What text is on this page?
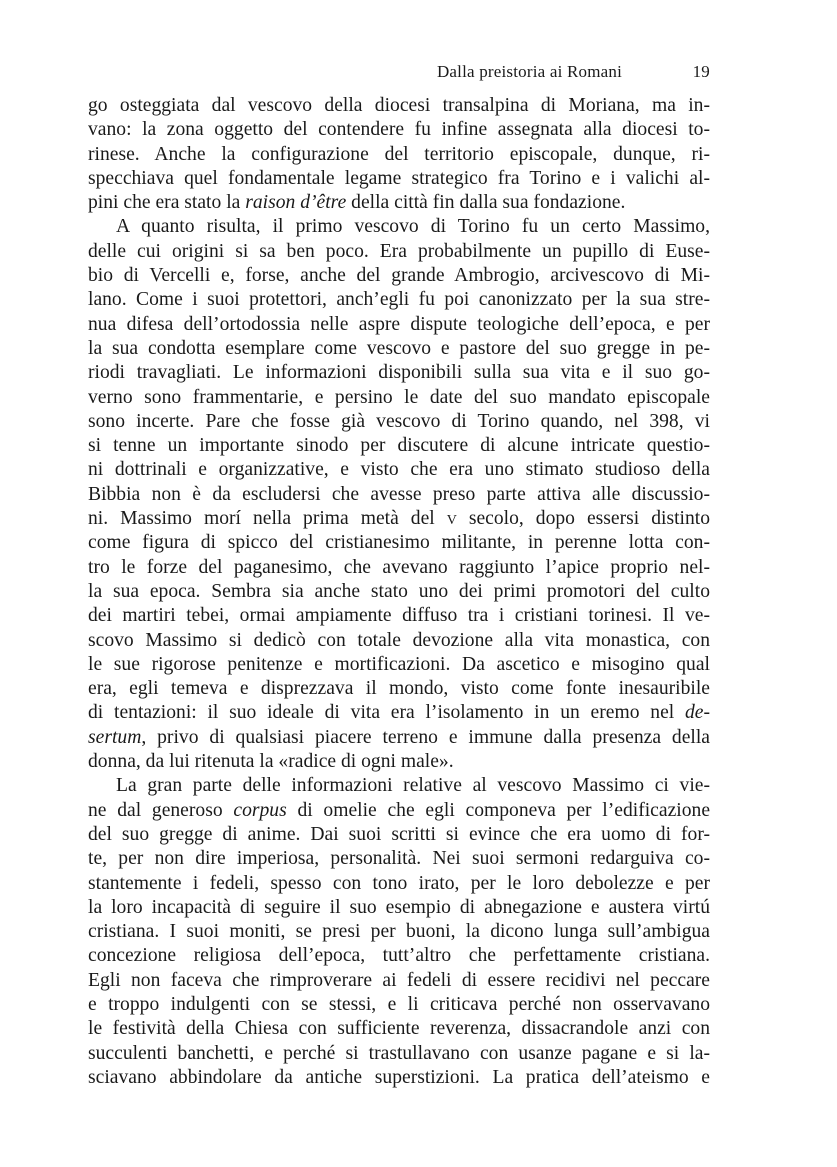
Dalla preistoria ai Romani	19
go osteggiata dal vescovo della diocesi transalpina di Moriana, ma in-
vano: la zona oggetto del contendere fu infine assegnata alla diocesi to-
rinese. Anche la configurazione del territorio episcopale, dunque, ri-
specchiava quel fondamentale legame strategico fra Torino e i valichi al-
pini che era stato la raison d’être della città fin dalla sua fondazione.
A quanto risulta, il primo vescovo di Torino fu un certo Massimo,
delle cui origini si sa ben poco. Era probabilmente un pupillo di Euse-
bio di Vercelli e, forse, anche del grande Ambrogio, arcivescovo di Mi-
lano. Come i suoi protettori, anch’egli fu poi canonizzato per la sua stre-
nua difesa dell’ortodossia nelle aspre dispute teologiche dell’epoca, e per
la sua condotta esemplare come vescovo e pastore del suo gregge in pe-
riodi travagliati. Le informazioni disponibili sulla sua vita e il suo go-
verno sono frammentarie, e persino le date del suo mandato episcopale
sono incerte. Pare che fosse già vescovo di Torino quando, nel 398, vi
si tenne un importante sinodo per discutere di alcune intricate questio-
ni dottrinali e organizzative, e visto che era uno stimato studioso della
Bibbia non è da escludersi che avesse preso parte attiva alle discussio-
ni. Massimo morí nella prima metà del v secolo, dopo essersi distinto
come figura di spicco del cristianesimo militante, in perenne lotta con-
tro le forze del paganesimo, che avevano raggiunto l’apice proprio nel-
la sua epoca. Sembra sia anche stato uno dei primi promotori del culto
dei martiri tebei, ormai ampiamente diffuso tra i cristiani torinesi. Il ve-
scovo Massimo si dedicò con totale devozione alla vita monastica, con
le sue rigorose penitenze e mortificazioni. Da ascetico e misogino qual
era, egli temeva e disprezzava il mondo, visto come fonte inesauribile
di tentazioni: il suo ideale di vita era l’isolamento in un eremo nel de-
sertum, privo di qualsiasi piacere terreno e immune dalla presenza della
donna, da lui ritenuta la «radice di ogni male».
La gran parte delle informazioni relative al vescovo Massimo ci vie-
ne dal generoso corpus di omelie che egli componeva per l’edificazione
del suo gregge di anime. Dai suoi scritti si evince che era uomo di for-
te, per non dire imperiosa, personalità. Nei suoi sermoni redarguiva co-
stantemente i fedeli, spesso con tono irato, per le loro debolezze e per
la loro incapacità di seguire il suo esempio di abnegazione e austera virtú
cristiana. I suoi moniti, se presi per buoni, la dicono lunga sull’ambigua
concezione religiosa dell’epoca, tutt’altro che perfettamente cristiana.
Egli non faceva che rimproverare ai fedeli di essere recidivi nel peccare
e troppo indulgenti con se stessi, e li criticava perché non osservavano
le festività della Chiesa con sufficiente reverenza, dissacrandole anzi con
succulenti banchetti, e perché si trastullavano con usanze pagane e si la-
sciavano abbindolare da antiche superstizioni. La pratica dell’ateismo e
